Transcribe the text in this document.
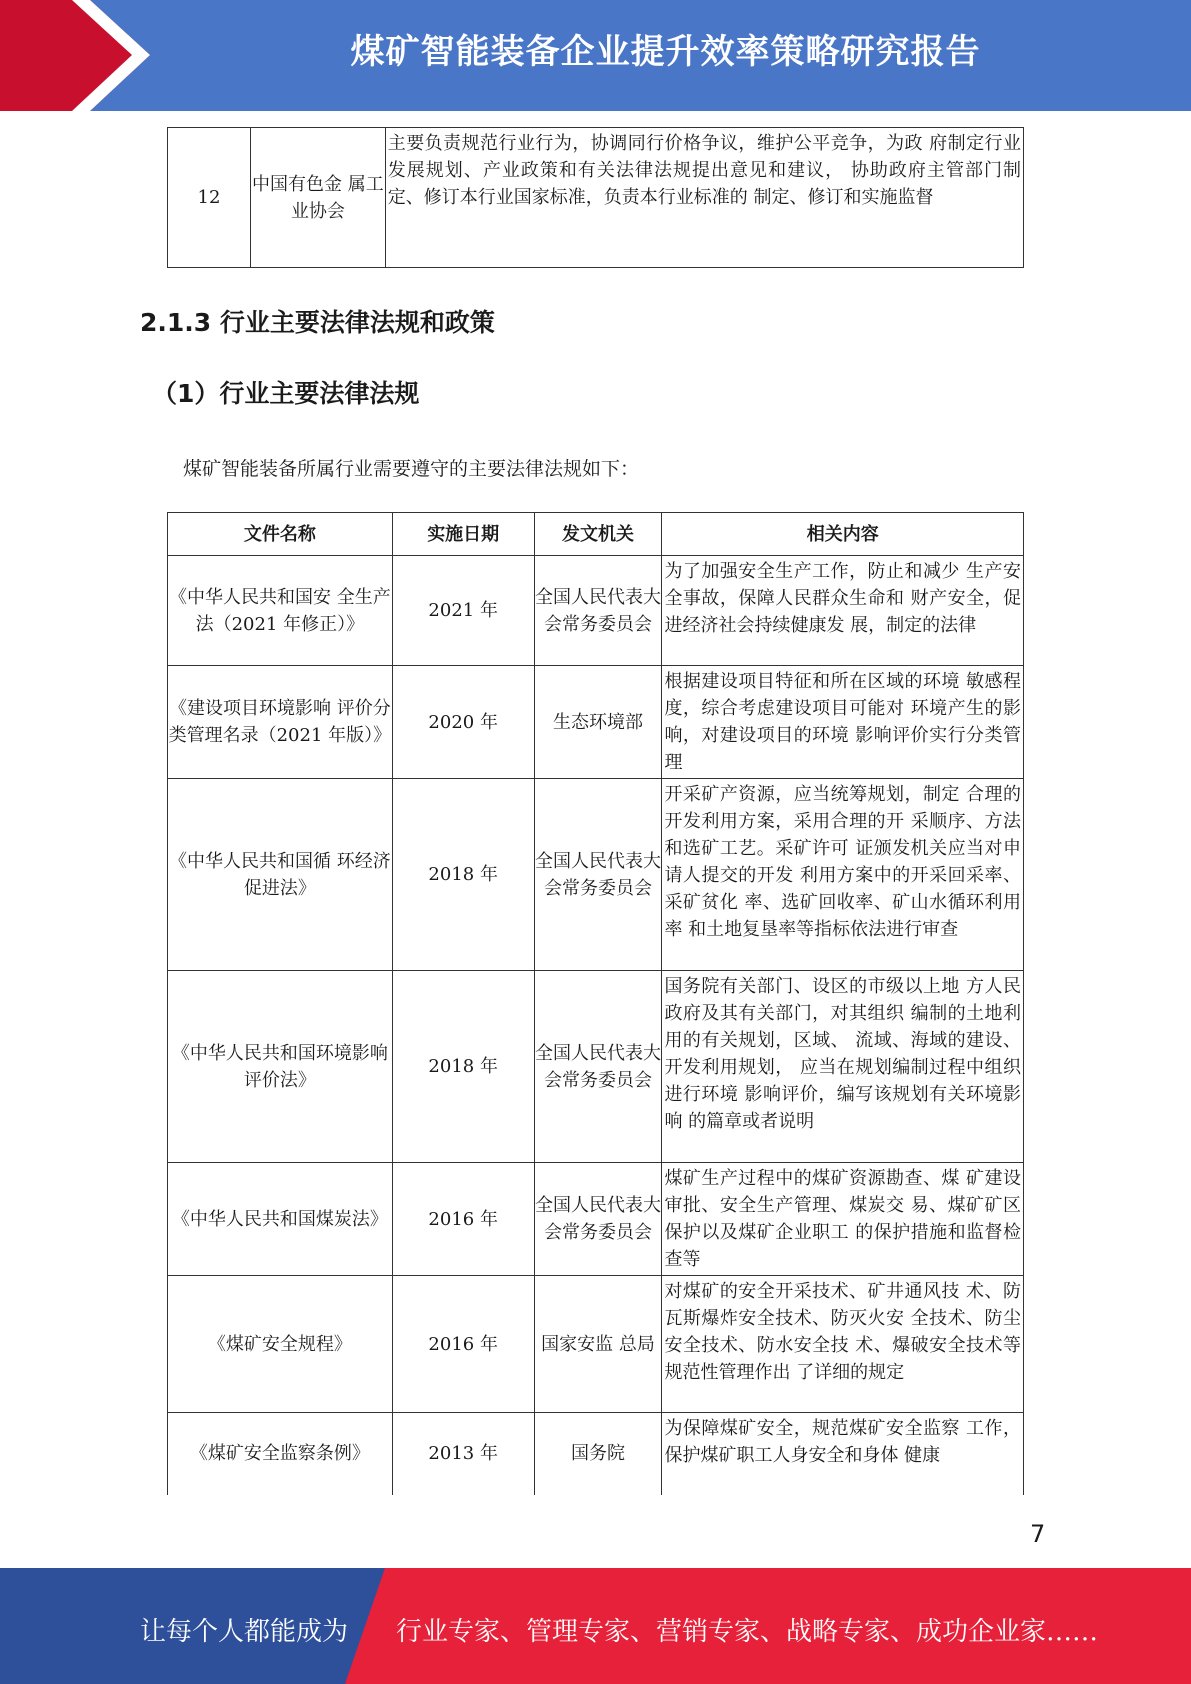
煤矿智能装备企业提升效率策略研究报告
12	中国有色金 属工业协会	主要负责规范行业行为，协调同行价格争议，维护公平竞争，为政 府制定行业发展规划、产业政策和有关法律法规提出意见和建议， 协助政府主管部门制定、修订本行业国家标准，负责本行业标准的 制定、修订和实施监督
2.1.3 行业主要法律法规和政策
（1）行业主要法律法规
煤矿智能装备所属行业需要遵守的主要法律法规如下：
文件名称	实施日期	发文机关	相关内容
《中华人民共和国安 全生产法（2021 年修正）》	2021 年	全国人民代表大会常务委员会	为了加强安全生产工作，防止和减少 生产安全事故，保障人民群众生命和 财产安全，促进经济社会持续健康发 展，制定的法律
《建设项目环境影响 评价分类管理名录（2021 年版）》	2020 年	生态环境部	根据建设项目特征和所在区域的环境 敏感程度，综合考虑建设项目可能对 环境产生的影响，对建设项目的环境 影响评价实行分类管理
《中华人民共和国循 环经济促进法》	2018 年	全国人民代表大会常务委员会	开采矿产资源，应当统筹规划，制定 合理的开发利用方案，采用合理的开 采顺序、方法和选矿工艺。采矿许可 证颁发机关应当对申请人提交的开发 利用方案中的开采回采率、采矿贫化 率、选矿回收率、矿山水循环利用率 和土地复垦率等指标依法进行审查
《中华人民共和国环境影响评价法》	2018 年	全国人民代表大会常务委员会	国务院有关部门、设区的市级以上地 方人民政府及其有关部门，对其组织 编制的土地利用的有关规划，区域、 流域、海域的建设、开发利用规划， 应当在规划编制过程中组织进行环境 影响评价，编写该规划有关环境影响 的篇章或者说明
《中华人民共和国煤炭法》	2016 年	全国人民代表大会常务委员会	煤矿生产过程中的煤矿资源勘查、煤 矿建设审批、安全生产管理、煤炭交 易、煤矿矿区保护以及煤矿企业职工 的保护措施和监督检查等
《煤矿安全规程》	2016 年	国家安监 总局	对煤矿的安全开采技术、矿井通风技 术、防瓦斯爆炸安全技术、防灭火安 全技术、防尘安全技术、防水安全技 术、爆破安全技术等规范性管理作出 了详细的规定
《煤矿安全监察条例》	2013 年	国务院	为保障煤矿安全，规范煤矿安全监察 工作，保护煤矿职工人身安全和身体 健康
7
让每个人都能成为 行业专家、管理专家、营销专家、战略专家、成功企业家……
